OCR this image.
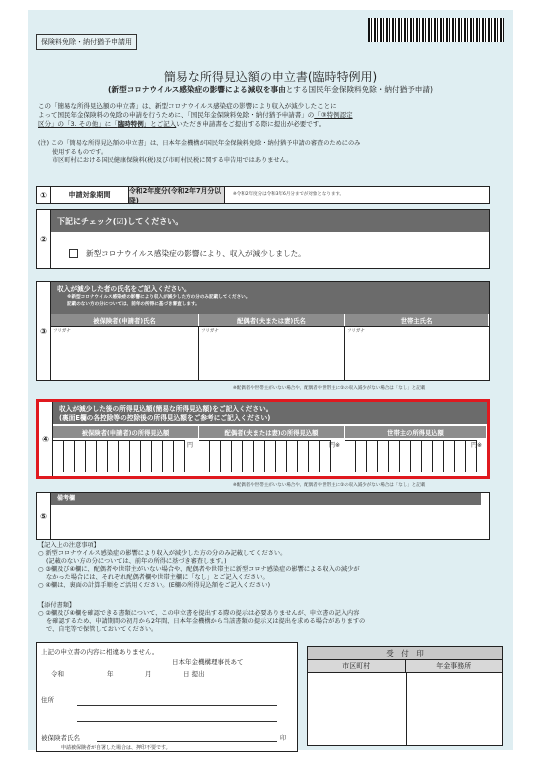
保険料免除・納付猶予申請用
簡易な所得見込額の申立書(臨時特例用)
(新型コロナウイルス感染症の影響による減収を事由とする国民年金保険料免除・納付猶予申請)
この「簡易な所得見込額の申立書」は、新型コロナウイルス感染症の影響により収入が減少したことに
よって国民年金保険料の免除の申請を行うために、「国民年金保険料免除・納付猶予申請書」の「③特例認定
区分」の「3. その他」に「臨時特例」とご記入いただき申請書をご提出する際に提出が必要です。
(注) この「簡易な所得見込額の申立書」は、日本年金機構が国民年金保険料免除・納付猶予申請の審査のためにのみ
使用するものです。
市区町村における国民健康保険料(税)及び市町村民税に関する申告用ではありません。
①	申請対象期間	令和2年度分(令和2年7月分以降)
※令和2年度分は令和3年6月分までが対象となります。
②
下記にチェック(☑)してください。
新型コロナウイルス感染症の影響により、収入が減少しました。
③
収入が減少した者の氏名をご記入ください。
※新型コロナウイルス感染症の影響により収入が減少した方の分のみ記載してください。
記載のない方の分については、前年の所得に基づき審査します。
被保険者(申請者)氏名	配偶者(夫または妻)氏名	世帯主氏名
フリガナ	フリガナ	フリガナ
※配偶者や世帯主がいない場合や、配偶者や世帯主に②の収入減少がない場合は「なし」と記載
④
収入が減少した後の所得見込額(簡易な所得見込額)をご記入ください。
(裏面E欄の各控除等の控除後の所得見込額をご参考にご記入ください)
被保険者(申請者)の所得見込額	配偶者(夫または妻)の所得見込額	世帯主の所得見込額
円	円※	円※
※配偶者や世帯主がいない場合や、配偶者や世帯主に②の収入減少がない場合は「なし」と記載
⑤
備考欄
【記入上の注意事項】
○ 新型コロナウイルス感染症の影響により収入が減少した方の分のみ記載してください。
(記載のない方の分については、前年の所得に基づき審査します。)
○ ③欄及び④欄に、配偶者や世帯主がいない場合や、配偶者や世帯主に新型コロナ感染症の影響による収入の減少が
なかった場合には、それぞれ配偶者欄や世帯主欄に「なし」とご記入ください。
○ ④欄は、裏面の計算手順をご活用ください。(E欄の所得見込額をご記入ください)
【添付書類】
○ ②欄及び④欄を確認できる書類について、この申立書を提出する際の提示は必要ありませんが、申立書の記入内容
を確認するため、申請期間の初月から2年間、日本年金機構から当該書類の提示又は提出を求める場合がありますの
で、自宅等で保管しておいてください。
上記の申立書の内容に相違ありません。
日本年金機構理事長あて
令和	年	月	日 提出
住所
被保険者氏名	印
申請被保険者が自署した場合は、押印不要です。
受　付　印
市区町村	年金事務所
